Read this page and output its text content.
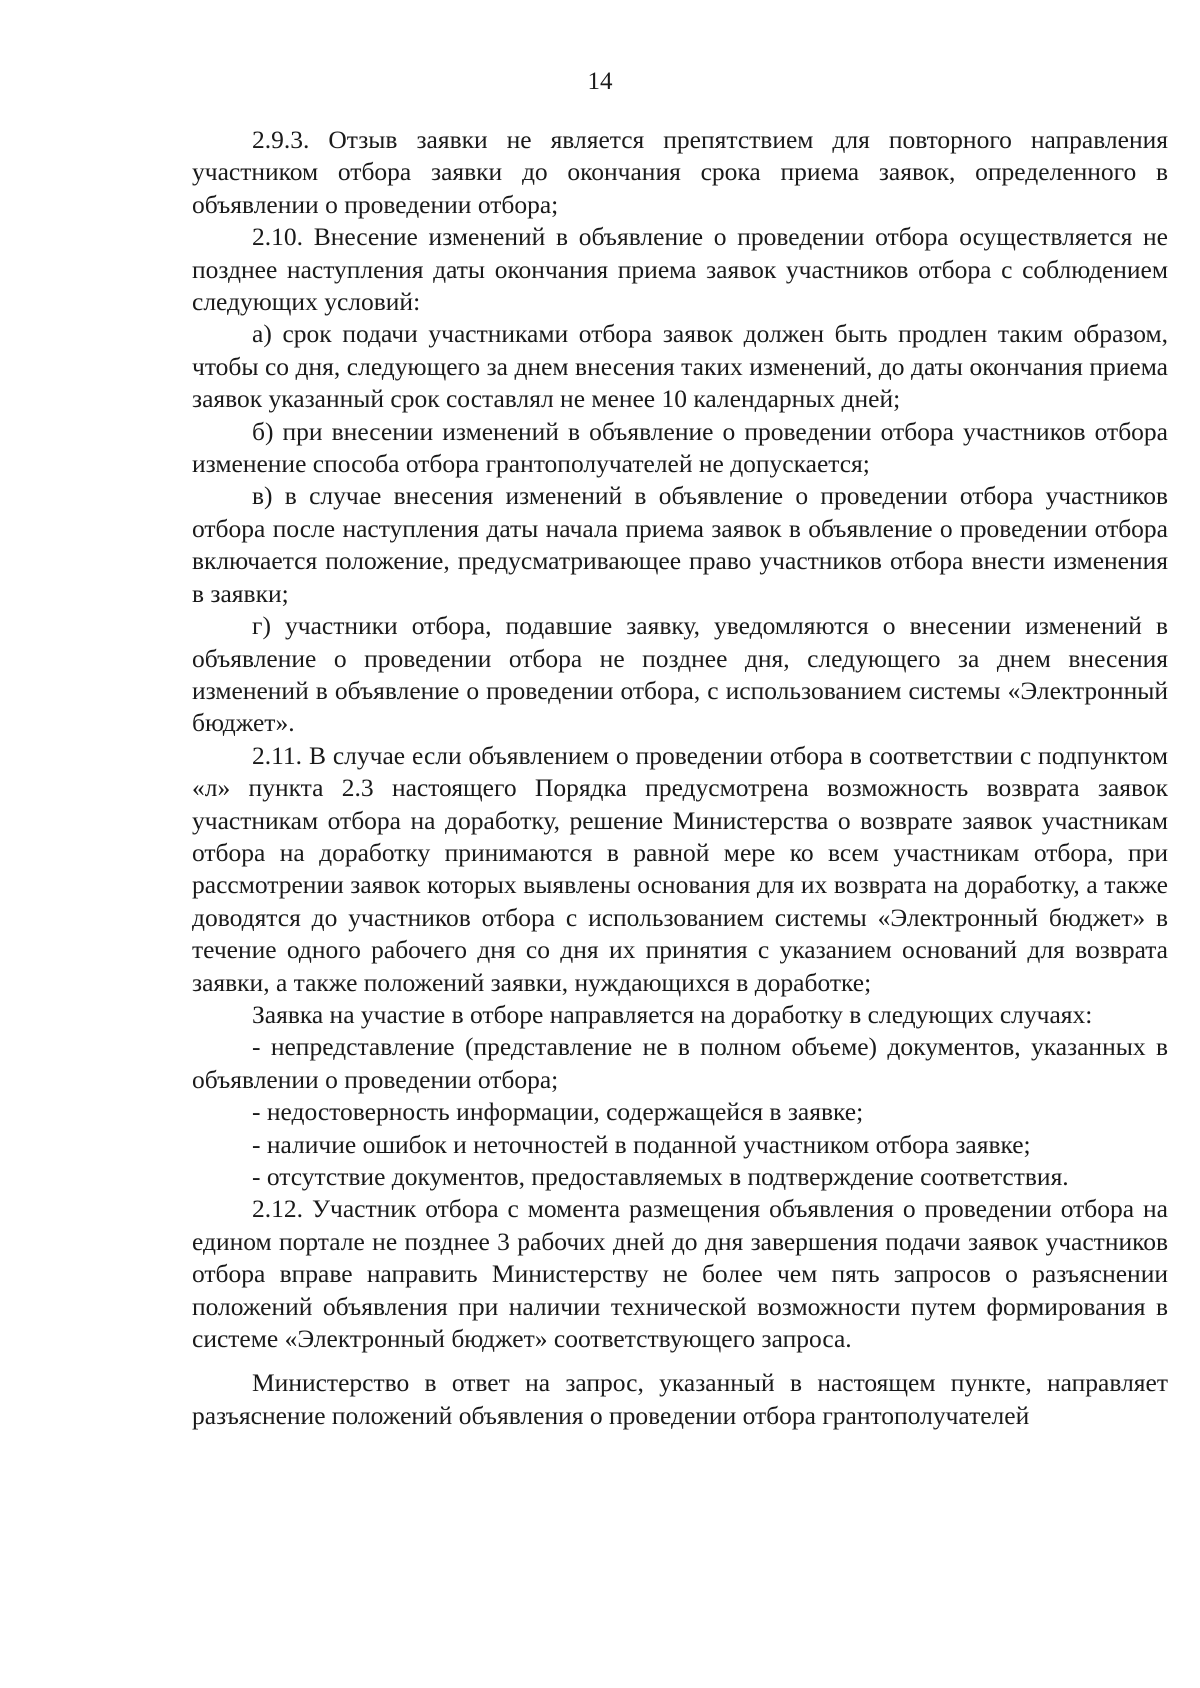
14

2.9.3. Отзыв заявки не является препятствием для повторного направления участником отбора заявки до окончания срока приема заявок, определенного в объявлении о проведении отбора;

2.10. Внесение изменений в объявление о проведении отбора осуществляется не позднее наступления даты окончания приема заявок участников отбора с соблюдением следующих условий:

а) срок подачи участниками отбора заявок должен быть продлен таким образом, чтобы со дня, следующего за днем внесения таких изменений, до даты окончания приема заявок указанный срок составлял не менее 10 календарных дней;

б) при внесении изменений в объявление о проведении отбора участников отбора изменение способа отбора грантополучателей не допускается;

в) в случае внесения изменений в объявление о проведении отбора участников отбора после наступления даты начала приема заявок в объявление о проведении отбора включается положение, предусматривающее право участников отбора внести изменения в заявки;

г) участники отбора, подавшие заявку, уведомляются о внесении изменений в объявление о проведении отбора не позднее дня, следующего за днем внесения изменений в объявление о проведении отбора, с использованием системы «Электронный бюджет».

2.11. В случае если объявлением о проведении отбора в соответствии с подпунктом «л» пункта 2.3 настоящего Порядка предусмотрена возможность возврата заявок участникам отбора на доработку, решение Министерства о возврате заявок участникам отбора на доработку принимаются в равной мере ко всем участникам отбора, при рассмотрении заявок которых выявлены основания для их возврата на доработку, а также доводятся до участников отбора с использованием системы «Электронный бюджет» в течение одного рабочего дня со дня их принятия с указанием оснований для возврата заявки, а также положений заявки, нуждающихся в доработке;

Заявка на участие в отборе направляется на доработку в следующих случаях:

- непредставление (представление не в полном объеме) документов, указанных в объявлении о проведении отбора;

- недостоверность информации, содержащейся в заявке;

- наличие ошибок и неточностей в поданной участником отбора заявке;

- отсутствие документов, предоставляемых в подтверждение соответствия.

2.12. Участник отбора с момента размещения объявления о проведении отбора на едином портале не позднее 3 рабочих дней до дня завершения подачи заявок участников отбора вправе направить Министерству не более чем пять запросов о разъяснении положений объявления при наличии технической возможности путем формирования в системе «Электронный бюджет» соответствующего запроса.

Министерство в ответ на запрос, указанный в настоящем пункте, направляет разъяснение положений объявления о проведении отбора грантополучателей
